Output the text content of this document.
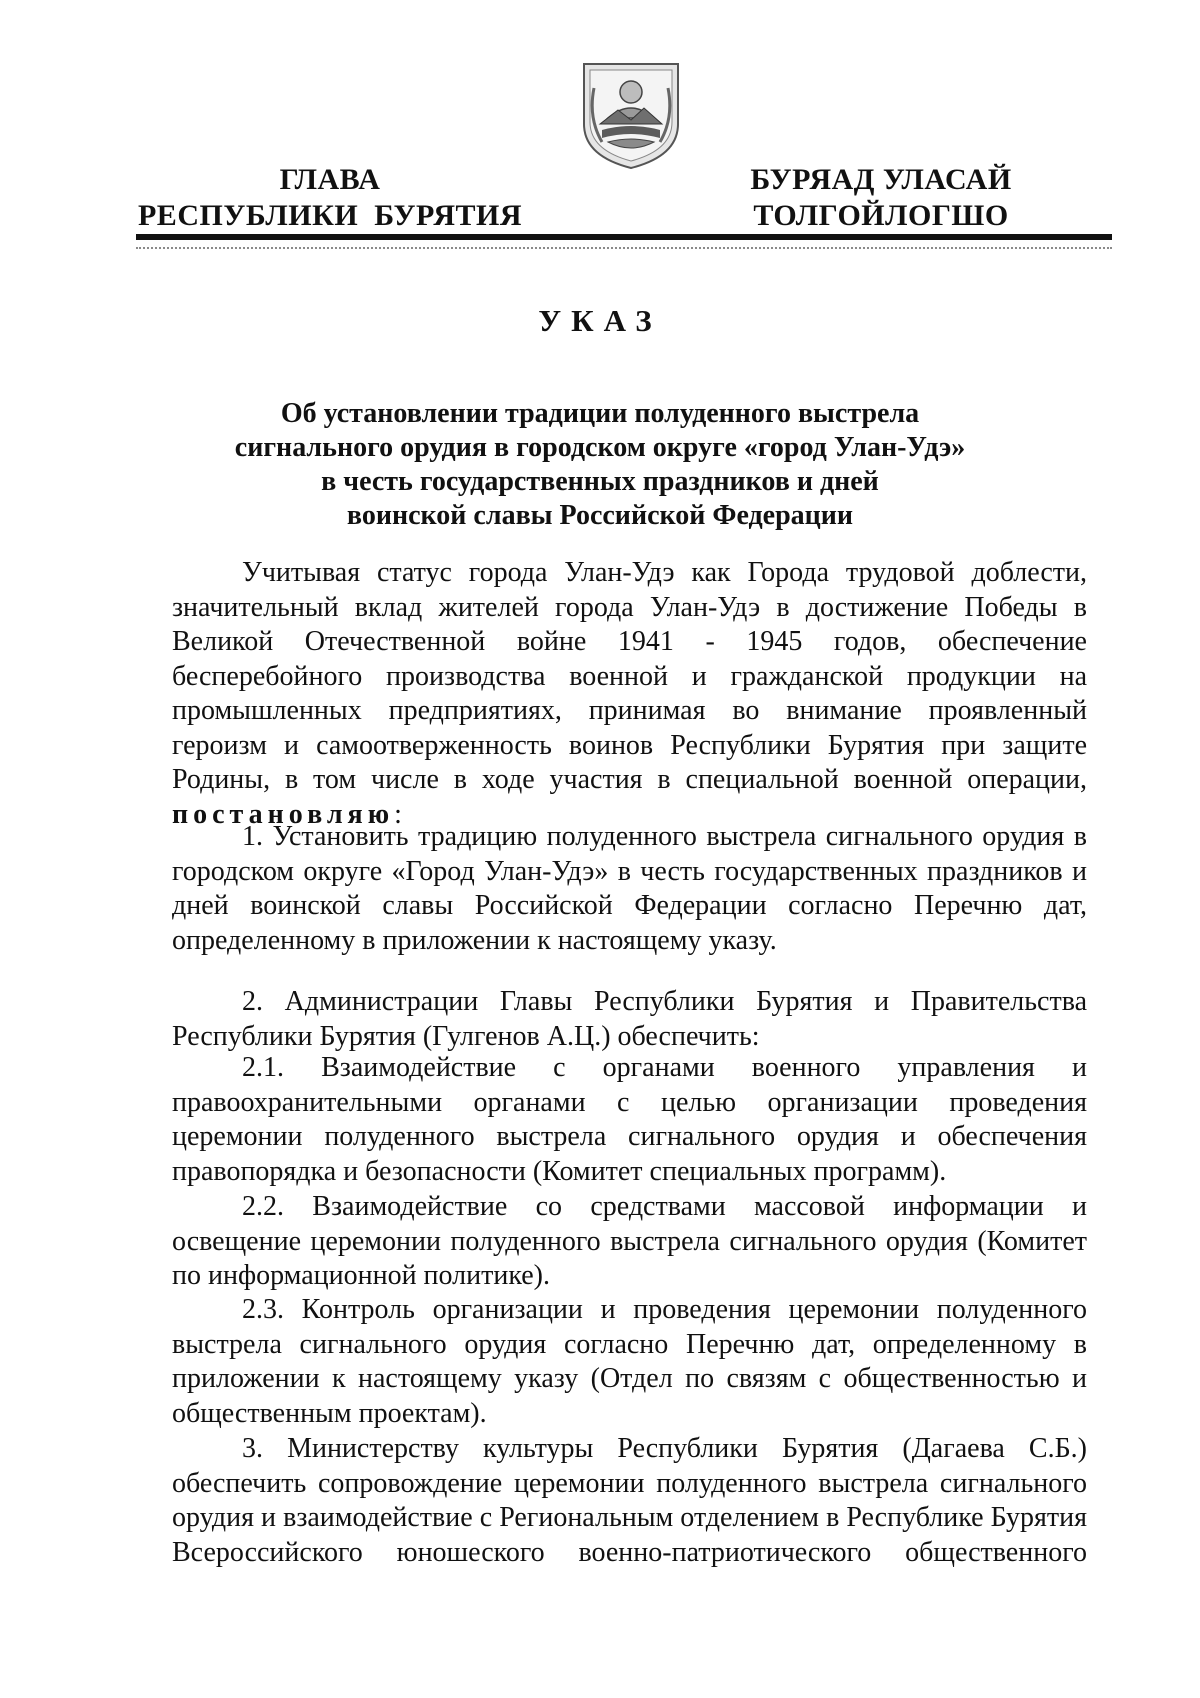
ГЛАВА
РЕСПУБЛИКИ  БУРЯТИЯ
БУРЯАД УЛАСАЙ
ТОЛГОЙЛОГШО
УКАЗ
Об установлении традиции полуденного выстрела
сигнального орудия в городском округе «город Улан-Удэ»
в честь государственных праздников и дней
воинской славы Российской Федерации

Учитывая статус города Улан-Удэ как Города трудовой доблести, значительный вклад жителей города Улан-Удэ в достижение Победы в Великой Отечественной войне 1941 - 1945 годов, обеспечение бесперебойного производства военной и гражданской продукции на промышленных предприятиях, принимая во внимание проявленный героизм и самоотверженность воинов Республики Бурятия при защите Родины, в том числе в ходе участия в специальной военной операции, постановляю:

1. Установить традицию полуденного выстрела сигнального орудия в городском округе «Город Улан-Удэ» в честь государственных праздников и дней воинской славы Российской Федерации согласно Перечню дат, определенному в приложении к настоящему указу.

2. Администрации Главы Республики Бурятия и Правительства Республики Бурятия (Гулгенов А.Ц.) обеспечить:

2.1. Взаимодействие с органами военного управления и правоохранительными органами с целью организации проведения церемонии полуденного выстрела сигнального орудия и обеспечения правопорядка и безопасности (Комитет специальных программ).

2.2. Взаимодействие со средствами массовой информации и освещение церемонии полуденного выстрела сигнального орудия (Комитет по информационной политике).

2.3. Контроль организации и проведения церемонии полуденного выстрела сигнального орудия согласно Перечню дат, определенному в приложении к настоящему указу (Отдел по связям с общественностью и общественным проектам).

3. Министерству культуры Республики Бурятия (Дагаева С.Б.) обеспечить сопровождение церемонии полуденного выстрела сигнального орудия и взаимодействие с Региональным отделением в Республике Бурятия Всероссийского юношеского военно-патриотического общественного
